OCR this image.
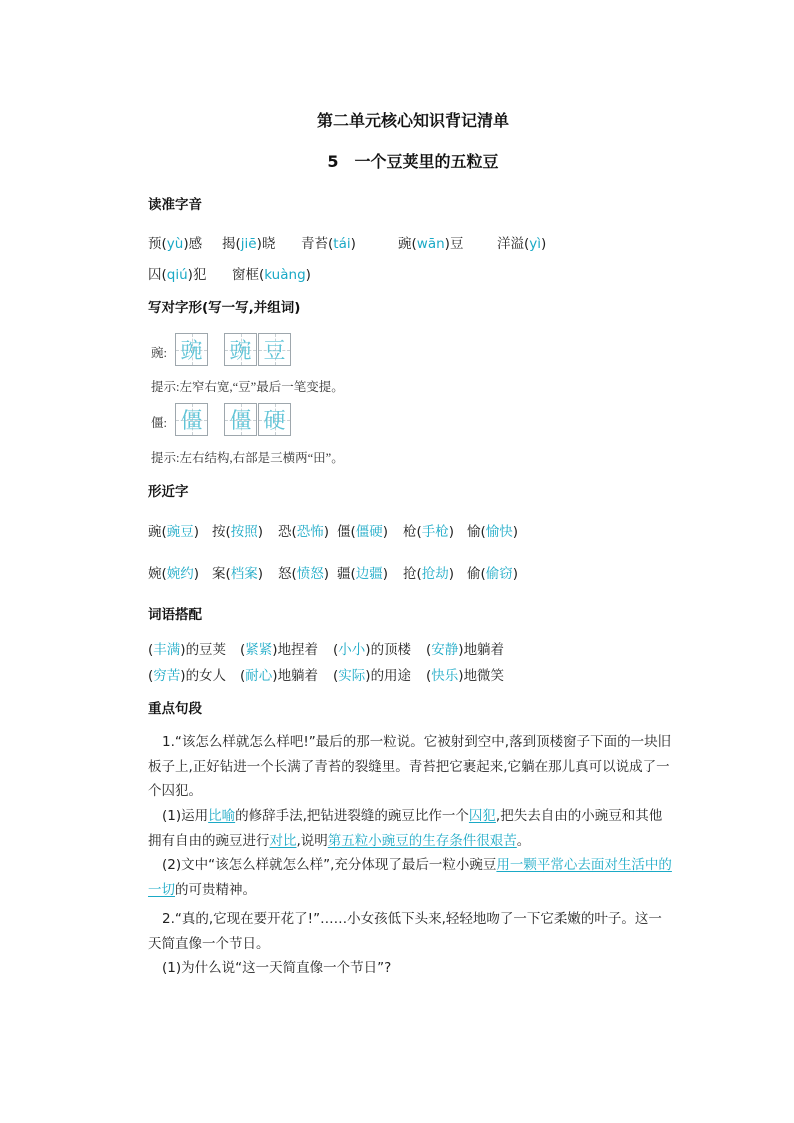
第二单元核心知识背记清单
5　一个豆荚里的五粒豆
读准字音
预(yù)感 揭(jiē)晓 青苔(tái)	豌(wān)豆 洋溢(yì)
囚(qiú)犯 窗框(kuàng)
写对字形(写一写,并组词)
豌: 豌 豌 豆
提示:左窄右宽,“豆”最后一笔变提。
僵: 僵 僵 硬
提示:左右结构,右部是三横两“田”。
形近字
豌(豌豆) 按(按照) 恐(恐怖) 僵(僵硬) 枪(手枪) 愉(愉快)
婉(婉约) 案(档案) 怒(愤怒) 疆(边疆) 抢(抢劫) 偷(偷窃)
词语搭配
(丰满)的豆荚 (紧紧)地捏着 (小小)的顶楼 (安静)地躺着
(穷苦)的女人 (耐心)地躺着 (实际)的用途 (快乐)地微笑
重点句段
1.“该怎么样就怎么样吧!”最后的那一粒说。它被射到空中,落到顶楼窗子下面的一块旧板子上,正好钻进一个长满了青苔的裂缝里。青苔把它裹起来,它躺在那儿真可以说成了一个囚犯。
(1)运用比喻的修辞手法,把钻进裂缝的豌豆比作一个囚犯,把失去自由的小豌豆和其他拥有自由的豌豆进行对比,说明第五粒小豌豆的生存条件很艰苦。
(2)文中“该怎么样就怎么样”,充分体现了最后一粒小豌豆用一颗平常心去面对生活中的一切的可贵精神。
2.“真的,它现在要开花了!”……小女孩低下头来,轻轻地吻了一下它柔嫩的叶子。这一天简直像一个节日。
(1)为什么说“这一天简直像一个节日”?
